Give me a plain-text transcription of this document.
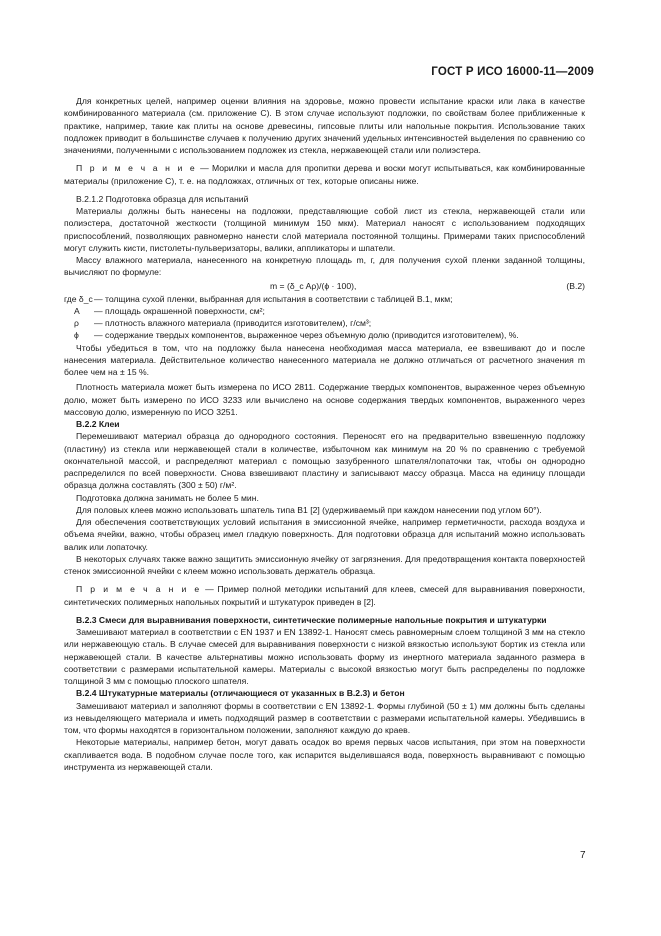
ГОСТ Р ИСО 16000-11—2009

Для конкретных целей, например оценки влияния на здоровье, можно провести испытание краски или лака в качестве комбинированного материала (см. приложение C). В этом случае используют подложки, по свойствам более приближенные к практике, например, такие как плиты на основе древесины, гипсовые плиты или напольные покрытия. Использование таких подложек приводит в большинстве случаев к получению других значений удельных интенсивностей выделения по сравнению со значениями, полученными с использованием подложек из стекла, нержавеющей стали или полиэстера.

П р и м е ч а н и е — Морилки и масла для пропитки дерева и воски могут испытываться, как комбинированные материалы (приложение C), т. е. на подложках, отличных от тех, которые описаны ниже.

В.2.1.2 Подготовка образца для испытаний

Материалы должны быть нанесены на подложки, представляющие собой лист из стекла, нержавеющей стали или полиэстера, достаточной жесткости (толщиной минимум 150 мкм). Материал наносят с использованием подходящих приспособлений, позволяющих равномерно нанести слой материала постоянной толщины. Примерами таких приспособлений могут служить кисти, пистолеты-пульверизаторы, валики, аппликаторы и шпатели.

Массу влажного материала, нанесенного на конкретную площадь m, г, для получения сухой пленки заданной толщины, вычисляют по формуле:

m = (δ_c Aρ)/(ϕ · 100),	(B.2)
где δ_c — толщина сухой пленки, выбранная для испытания в соответствии с таблицей В.1, мкм;
A — площадь окрашенной поверхности, см²;
ρ — плотность влажного материала (приводится изготовителем), г/см³;
ϕ — содержание твердых компонентов, выраженное через объемную долю (приводится изготовителем), %.

Чтобы убедиться в том, что на подложку была нанесена необходимая масса материала, ее взвешивают до и после нанесения материала. Действительное количество нанесенного материала не должно отличаться от расчетного значения m более чем на ± 15 %.

Плотность материала может быть измерена по ИСО 2811. Содержание твердых компонентов, выраженное через объемную долю, может быть измерено по ИСО 3233 или вычислено на основе содержания твердых компонентов, выраженного через массовую долю, измеренную по ИСО 3251.

В.2.2 Клеи

Перемешивают материал образца до однородного состояния. Переносят его на предварительно взвешенную подложку (пластину) из стекла или нержавеющей стали в количестве, избыточном как минимум на 20 % по сравнению с требуемой окончательной массой, и распределяют материал с помощью зазубренного шпателя/лопаточки так, чтобы он однородно распределился по всей поверхности. Снова взвешивают пластину и записывают массу образца. Масса на единицу площади образца должна составлять (300 ± 50) г/м².

Подготовка должна занимать не более 5 мин.

Для половых клеев можно использовать шпатель типа В1 [2] (удерживаемый при каждом нанесении под углом 60°).

Для обеспечения соответствующих условий испытания в эмиссионной ячейке, например герметичности, расхода воздуха и объема ячейки, важно, чтобы образец имел гладкую поверхность. Для подготовки образца для испытаний можно использовать валик или лопаточку.

В некоторых случаях также важно защитить эмиссионную ячейку от загрязнения. Для предотвращения контакта поверхностей стенок эмиссионной ячейки с клеем можно использовать держатель образца.

П р и м е ч а н и е — Пример полной методики испытаний для клеев, смесей для выравнивания поверхности, синтетических полимерных напольных покрытий и штукатурок приведен в [2].

В.2.3 Смеси для выравнивания поверхности, синтетические полимерные напольные покрытия и штукатурки

Замешивают материал в соответствии с EN 1937 и EN 13892-1. Наносят смесь равномерным слоем толщиной 3 мм на стекло или нержавеющую сталь. В случае смесей для выравнивания поверхности с низкой вязкостью используют бортик из стекла или нержавеющей стали. В качестве альтернативы можно использовать форму из инертного материала заданного размера в соответствии с размерами испытательной камеры. Материалы с высокой вязкостью могут быть распределены по подложке толщиной 3 мм с помощью плоского шпателя.

В.2.4 Штукатурные материалы (отличающиеся от указанных в В.2.3) и бетон

Замешивают материал и заполняют формы в соответствии с EN 13892-1. Формы глубиной (50 ± 1) мм должны быть сделаны из невыделяющего материала и иметь подходящий размер в соответствии с размерами испытательной камеры. Убедившись в том, что формы находятся в горизонтальном положении, заполняют каждую до краев.

Некоторые материалы, например бетон, могут давать осадок во время первых часов испытания, при этом на поверхности скапливается вода. В подобном случае после того, как испарится выделившаяся вода, поверхность выравнивают с помощью инструмента из нержавеющей стали.

7
